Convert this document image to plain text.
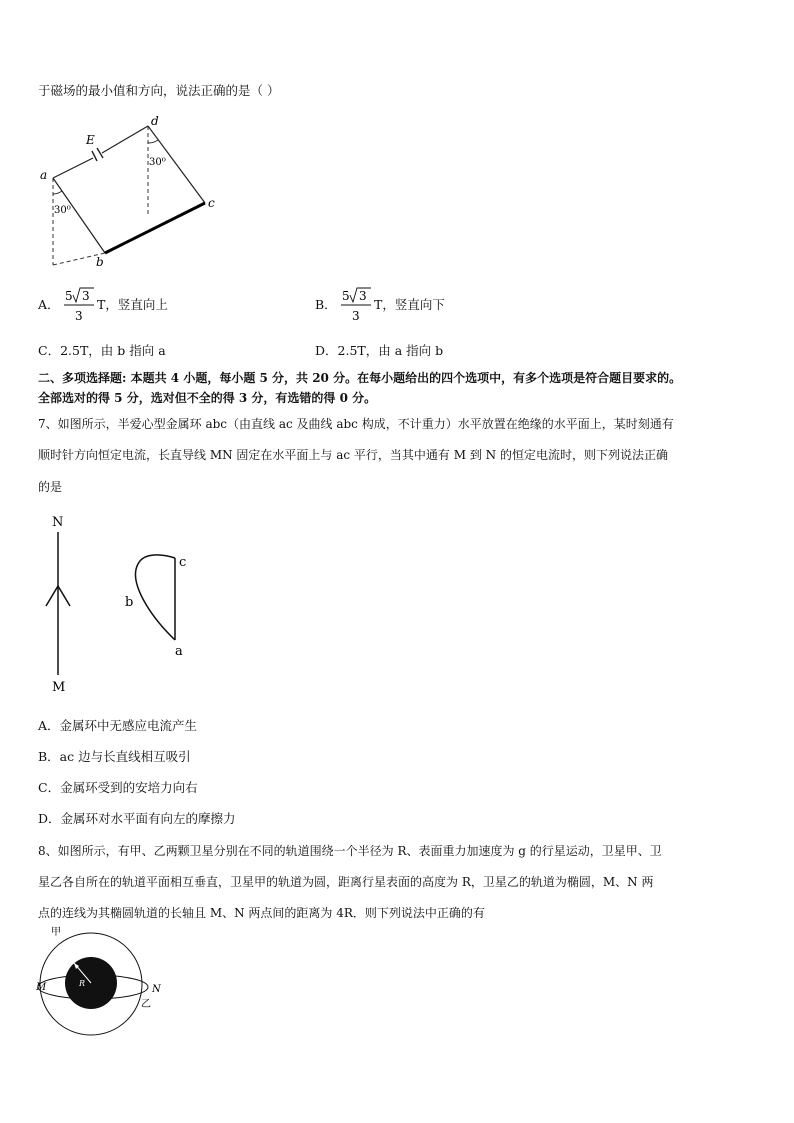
于磁场的最小值和方向，说法正确的是（ ）
a
b
c
d
E
30⁰
30⁰
A．
5 3
3
T，竖直向上	B．
5 3
3
T，竖直向下
C．2.5T，由 b 指向 a	D．2.5T，由 a 指向 b
二、多项选择题: 本题共 4 小题，每小题 5 分，共 20 分。在每小题给出的四个选项中，有多个选项是符合题目要求的。
全部选对的得 5 分，选对但不全的得 3 分，有选错的得 0 分。
7、如图所示，半爱心型金属环 abc（由直线 ac 及曲线 abc 构成，不计重力）水平放置在绝缘的水平面上，某时刻通有
顺时针方向恒定电流，长直导线 MN 固定在水平面上与 ac 平行，当其中通有 M 到 N 的恒定电流时，则下列说法正确
的是
N
M
c
b
a
A．金属环中无感应电流产生
B．ac 边与长直线相互吸引
C．金属环受到的安培力向右
D．金属环对水平面有向左的摩擦力
8、如图所示，有甲、乙两颗卫星分别在不同的轨道围绕一个半径为 R、表面重力加速度为 g 的行星运动，卫星甲、卫
星乙各自所在的轨道平面相互垂直，卫星甲的轨道为圆，距离行星表面的高度为 R，卫星乙的轨道为椭圆，M、N 两
点的连线为其椭圆轨道的长轴且 M、N 两点间的距离为 4R．则下列说法中正确的有
R
甲
乙
M	N
